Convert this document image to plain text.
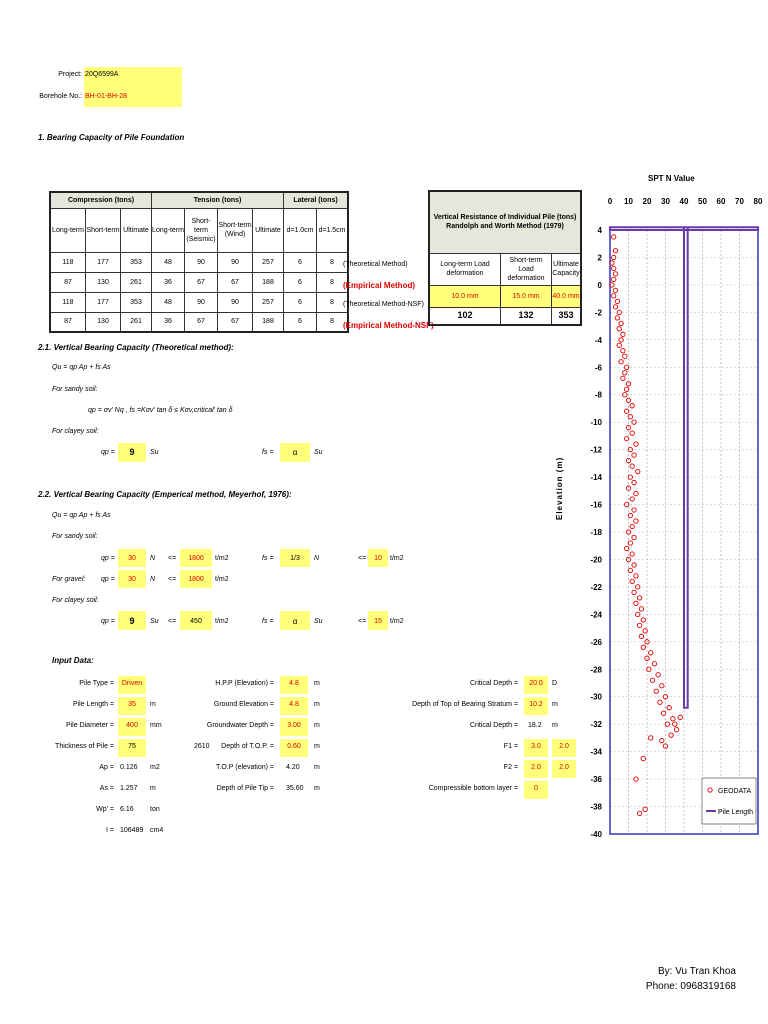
Project: 20Q6599A
Borehole No.: BH-01-BH-28
1. Bearing Capacity of Pile Foundation
Compression (tons)			Tension (tons)				Lateral (tons)	
Long-term	Short-term	Ultimate	Long-term	Short-term (Seismic)	Short-term (Wind)	Ultimate	d=1.0cm	d=1.5cm
118	177	353	48	90	90	257	6	8
87	130	261	36	67	67	188	6	8
118	177	353	48	90	90	257	6	8
87	130	261	36	67	67	188	6	8
(Theoretical Method)
(Empirical Method)
(Theoretical Method-NSF)
(Empirical Method-NSF)
Vertical Resistance of Individual Pile (tons)
Randolph and Worth Method (1979)		

Long-term Load deformation	Short-term Load deformation	Ultimate Capacity
10.0 mm	15.0 mm	40.0 mm
102	132	353
2.1. Vertical Bearing Capacity (Theoretical method):
Qu = qp Ap + fs As
For sandy soil:
qp = σv' Nq , fs =Kσv' tan δ ≤ Kσv,critical' tan δ
For clayey soil:
qp =	9	Su	fs =	α	Su
2.2. Vertical Bearing Capacity (Emperical method, Meyerhof, 1976):
Qu = qp Ap + fs As
For sandy soil:
qp =	30	N <=	1800	t/m2	fs =	1/3	N	<=	10	t/m2
For gravel: qp =	30	N <=	1800	t/m2
For clayey soil:
qp =	9	Su <=	450	t/m2	fs =	α	Su	<=	15	t/m2
Input Data:
SPT N Value
Elevation (m)
0 10 20 30 40 50 60 70 80
4
2
0
-2
-4
-6
-8
-10
-12
-14
-16
-18
-20
-22
-24
-26
-28
-30
-32
-34
-36
-38
-40
GEODATA
Pile Length
By: Vu Tran Khoa
Phone: 0968319168
Pile Type =	Driven
Pile Length =	35	m
Pile Diameter =	400	mm
Thickness of Pile =	75	2610
Ap = 0.126 m2
As = 1.257 m
Wp' = 6.16 ton
I = 106489 cm4
H.P.P (Elevation) =	4.8	m
Ground Elevation =	4.8	m
Groundwater Depth =	3.00	m
Depth of T.O.P. =	0.60	m
T.O.P (elevation) = 4.20 m
Depth of Pile Tip = 35.60 m
Critical Depth =	20.0	D
Depth of Top of Bearing Stratum =	10.2	m
Critical Depth = 18.2 m
F1 =	3.0	2.0
F2 =	2.0	2.0
Compressible bottom layer =	0
